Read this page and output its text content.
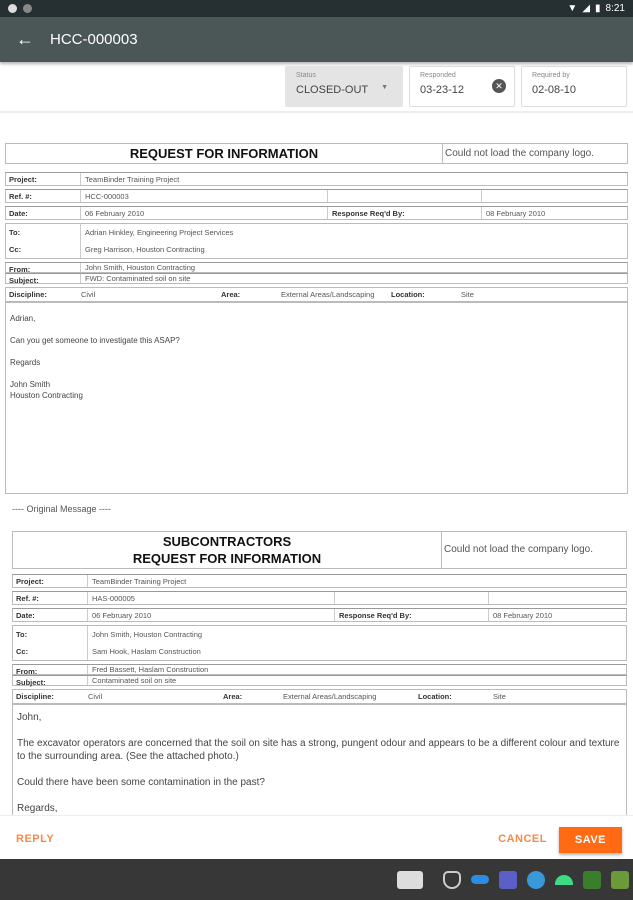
▼ ◢ ▮ 8:21
←	HCC-000003
Status
CLOSED-OUT	▼
Responded
03-23-12	✕
Required by
02-08-10
REQUEST FOR INFORMATION	Could not load the company logo.
Project:	TeamBinder Training Project
Ref. #:	HCC-000003
Date:	06 February 2010	Response Req'd By:	08 February 2010
To:	Adrian Hinkley, Engineering Project Services
Cc:	Greg Harrison, Houston Contracting
From:	John Smith, Houston Contracting
Subject:	FWD: Contaminated soil on site
Discipline:	Civil	Area:	External Areas/Landscaping	Location:	Site

Adrian,

Can you get someone to investigate this ASAP?

Regards

John Smith

Houston Contracting

---- Original Message ----
SUBCONTRACTORS
REQUEST FOR INFORMATION
Could not load the company logo.
Project:	TeamBinder Training Project
Ref. #:	HAS-000005
Date:	06 February 2010	Response Req'd By:	08 February 2010
To:	John Smith, Houston Contracting
Cc:	Sam Hook, Haslam Construction
From:	Fred Bassett, Haslam Construction
Subject:	Contaminated soil on site
Discipline:	Civil	Area:	External Areas/Landscaping	Location:	Site

John,

The excavator operators are concerned that the soil on site has a strong, pungent odour and appears to be a different colour and texture to the surrounding area. (See the attached photo.)

Could there have been some contamination in the past?

Regards,

REPLY	CANCEL	SAVE
